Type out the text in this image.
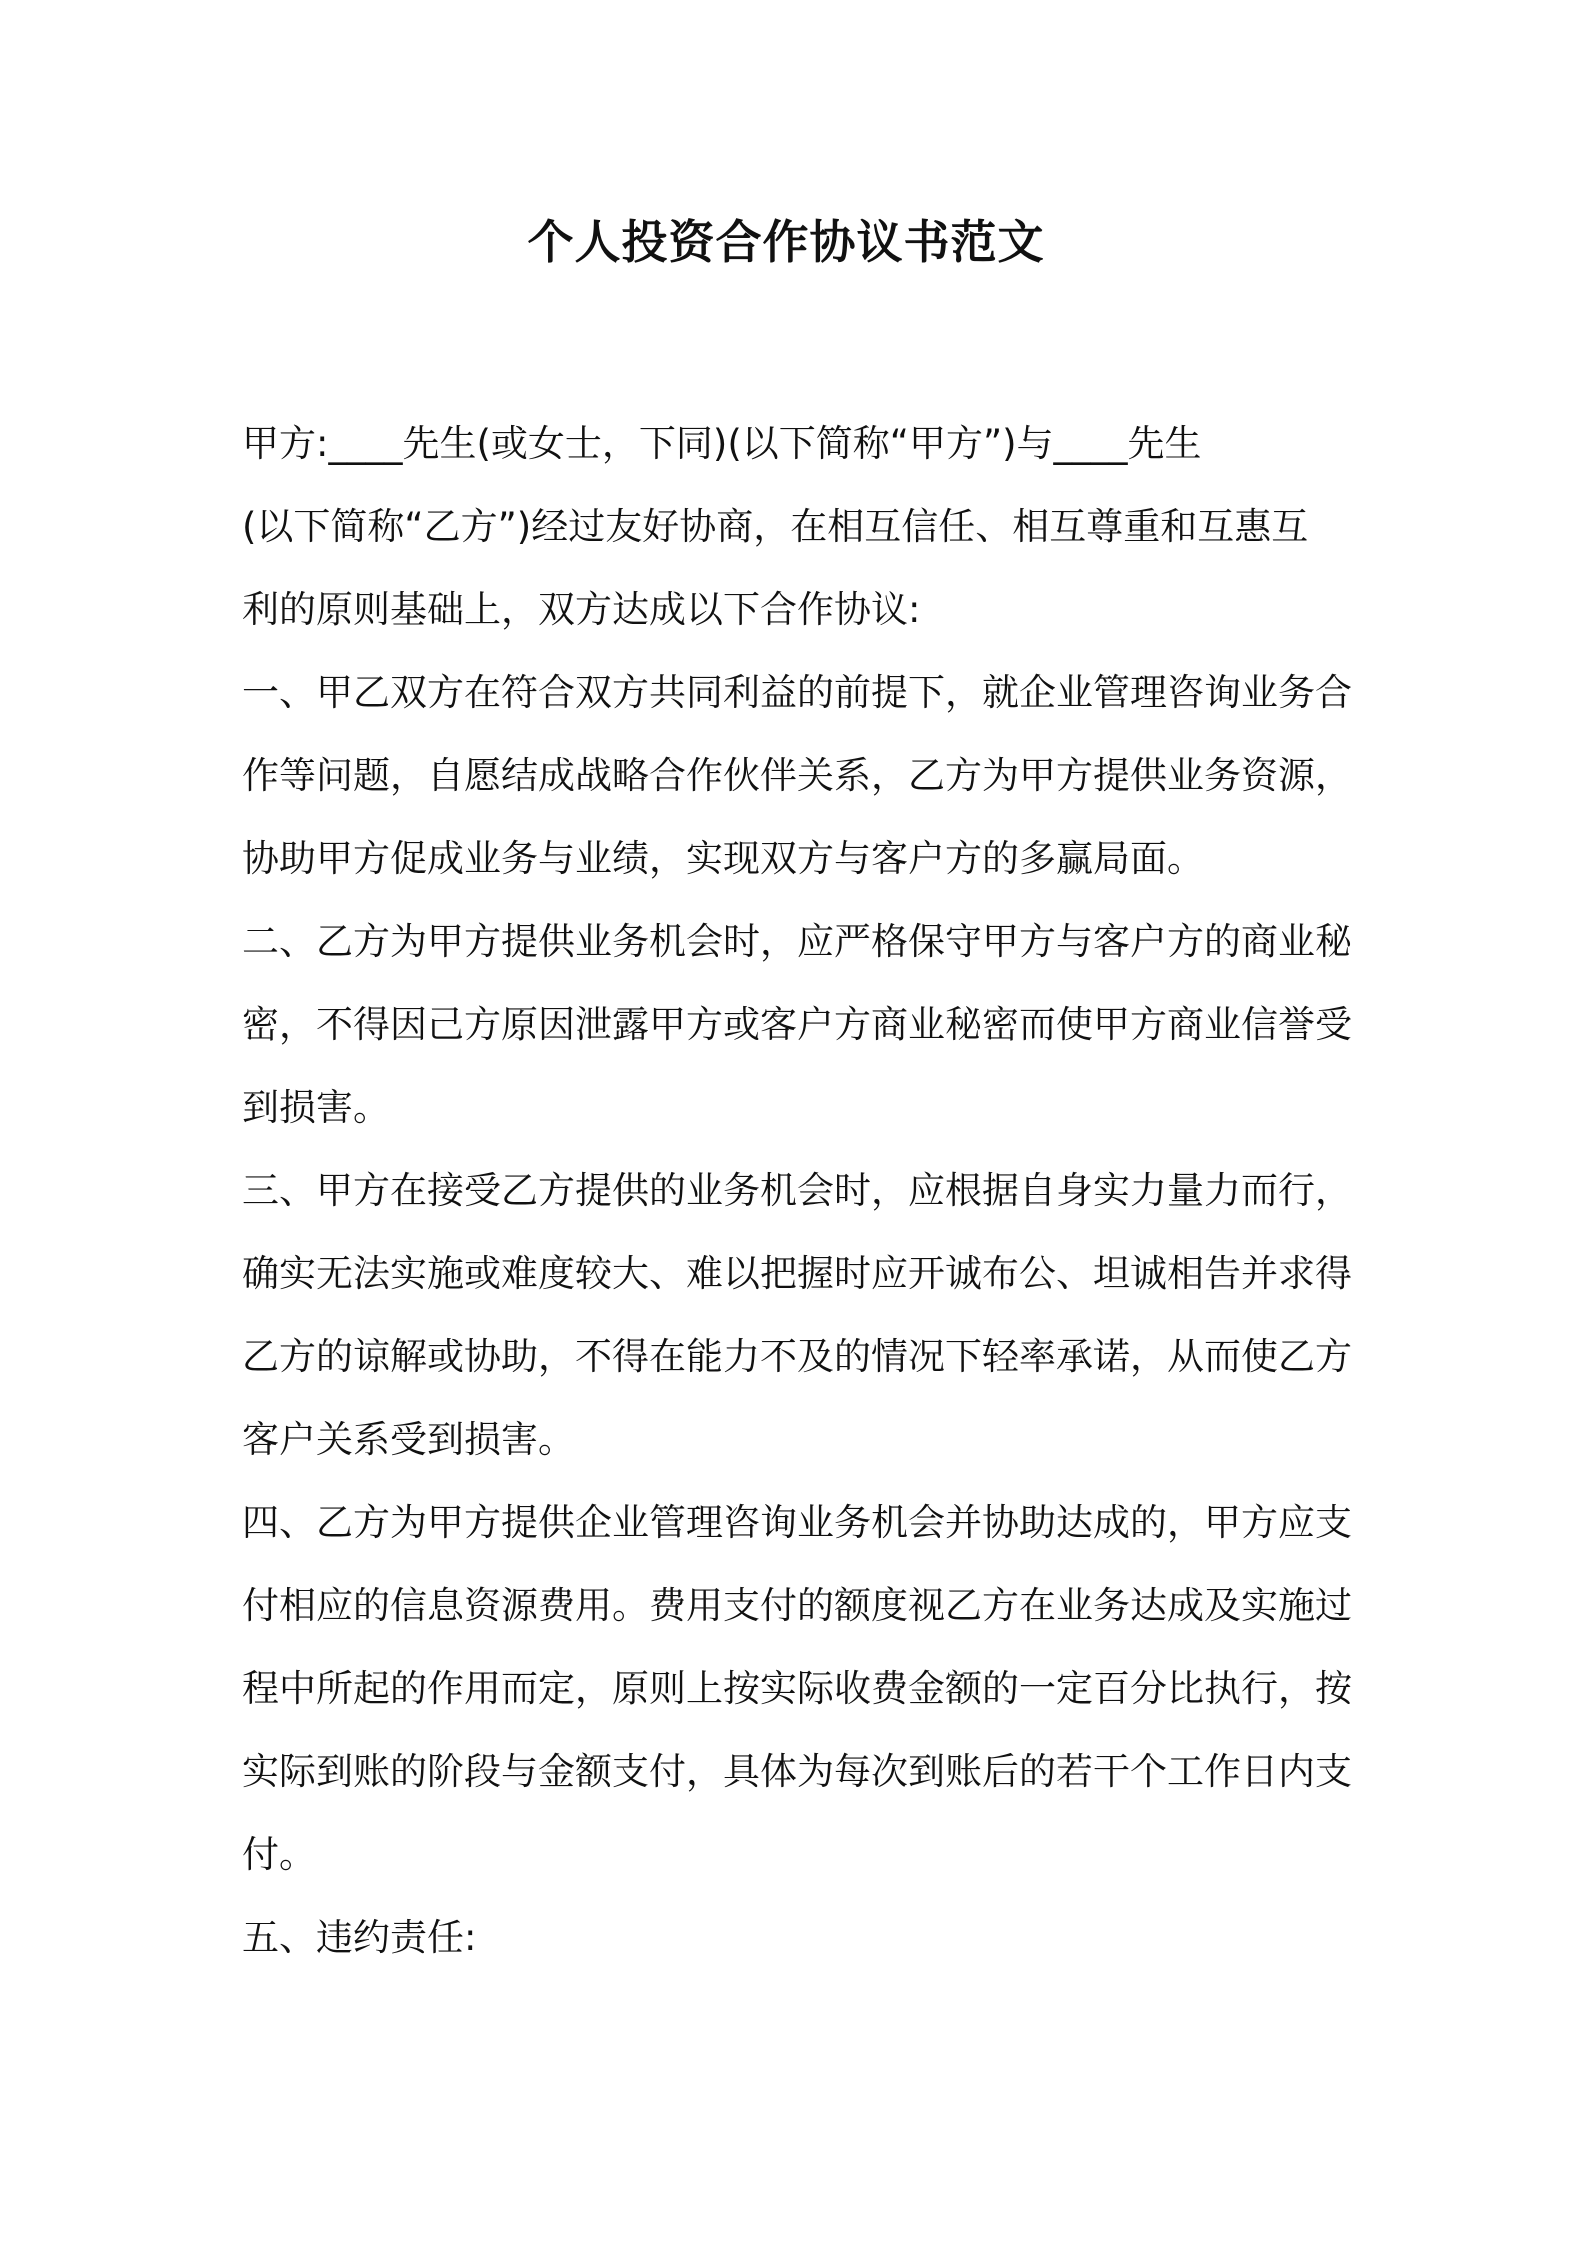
个人投资合作协议书范文
甲方:____先生(或女士，下同)(以下简称“甲方”)与____先生
(以下简称“乙方”)经过友好协商，在相互信任、相互尊重和互惠互
利的原则基础上，双方达成以下合作协议:
一、甲乙双方在符合双方共同利益的前提下，就企业管理咨询业务合
作等问题，自愿结成战略合作伙伴关系，乙方为甲方提供业务资源，
协助甲方促成业务与业绩，实现双方与客户方的多赢局面。
二、乙方为甲方提供业务机会时，应严格保守甲方与客户方的商业秘
密，不得因己方原因泄露甲方或客户方商业秘密而使甲方商业信誉受
到损害。
三、甲方在接受乙方提供的业务机会时，应根据自身实力量力而行，
确实无法实施或难度较大、难以把握时应开诚布公、坦诚相告并求得
乙方的谅解或协助，不得在能力不及的情况下轻率承诺，从而使乙方
客户关系受到损害。
四、乙方为甲方提供企业管理咨询业务机会并协助达成的，甲方应支
付相应的信息资源费用。费用支付的额度视乙方在业务达成及实施过
程中所起的作用而定，原则上按实际收费金额的一定百分比执行，按
实际到账的阶段与金额支付，具体为每次到账后的若干个工作日内支
付。
五、违约责任:
